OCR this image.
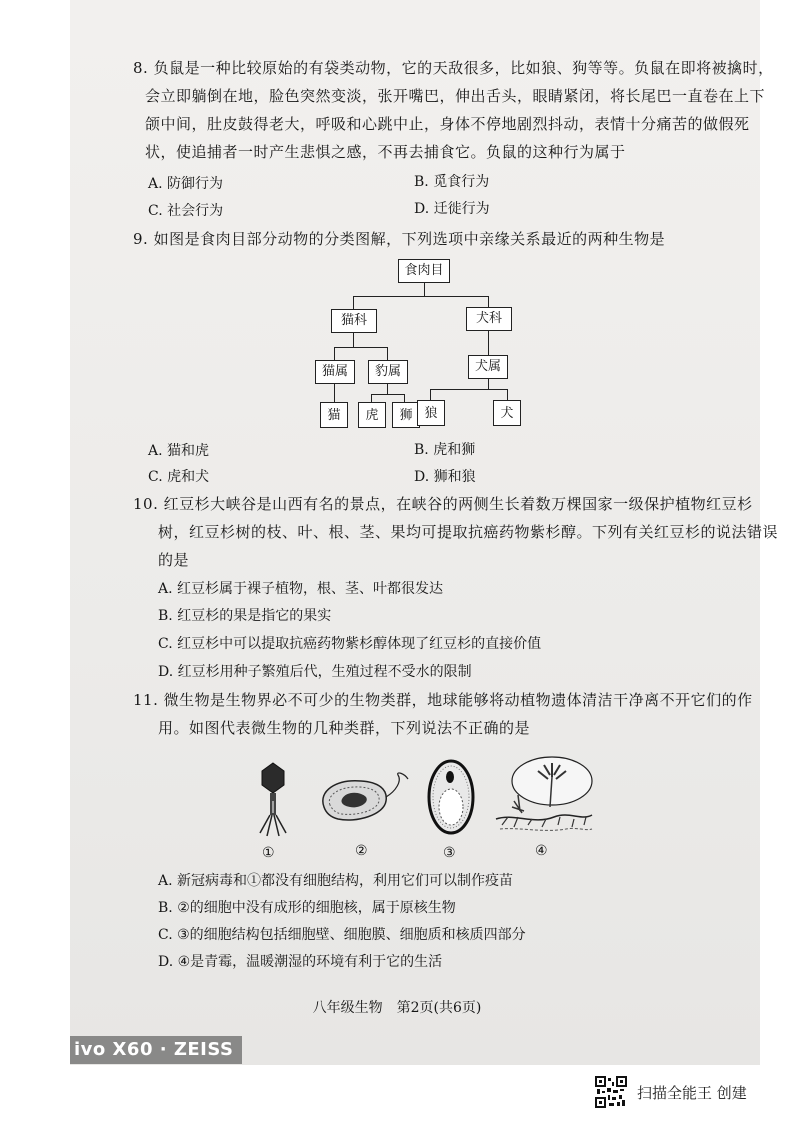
8. 负鼠是一种比较原始的有袋类动物，它的天敌很多，比如狼、狗等等。负鼠在即将被擒时，
会立即躺倒在地，脸色突然变淡，张开嘴巴，伸出舌头，眼睛紧闭，将长尾巴一直卷在上下
颌中间，肚皮鼓得老大，呼吸和心跳中止，身体不停地剧烈抖动，表情十分痛苦的做假死
状，使追捕者一时产生悲惧之感，不再去捕食它。负鼠的这种行为属于
A. 防御行为	B. 觅食行为
C. 社会行为	D. 迁徙行为
9. 如图是食肉目部分动物的分类图解，下列选项中亲缘关系最近的两种生物是
食肉目
猫科	犬科
猫属	豹属	犬属
猫	虎	狮 狼	犬
A. 猫和虎	B. 虎和狮
C. 虎和犬	D. 狮和狼
10. 红豆杉大峡谷是山西有名的景点，在峡谷的两侧生长着数万棵国家一级保护植物红豆杉
树，红豆杉树的枝、叶、根、茎、果均可提取抗癌药物紫杉醇。下列有关红豆杉的说法错误
的是
A. 红豆杉属于裸子植物，根、茎、叶都很发达
B. 红豆杉的果是指它的果实
C. 红豆杉中可以提取抗癌药物紫杉醇体现了红豆杉的直接价值
D. 红豆杉用种子繁殖后代，生殖过程不受水的限制
11. 微生物是生物界必不可少的生物类群，地球能够将动植物遗体清洁干净离不开它们的作
用。如图代表微生物的几种类群，下列说法不正确的是
①	②	③	④
A. 新冠病毒和①都没有细胞结构，利用它们可以制作疫苗
B. ②的细胞中没有成形的细胞核，属于原核生物
C. ③的细胞结构包括细胞壁、细胞膜、细胞质和核质四部分
D. ④是青霉，温暖潮湿的环境有利于它的生活
八年级生物　第2页(共6页)
ivo X60 · ZEISS
扫描全能王 创建
